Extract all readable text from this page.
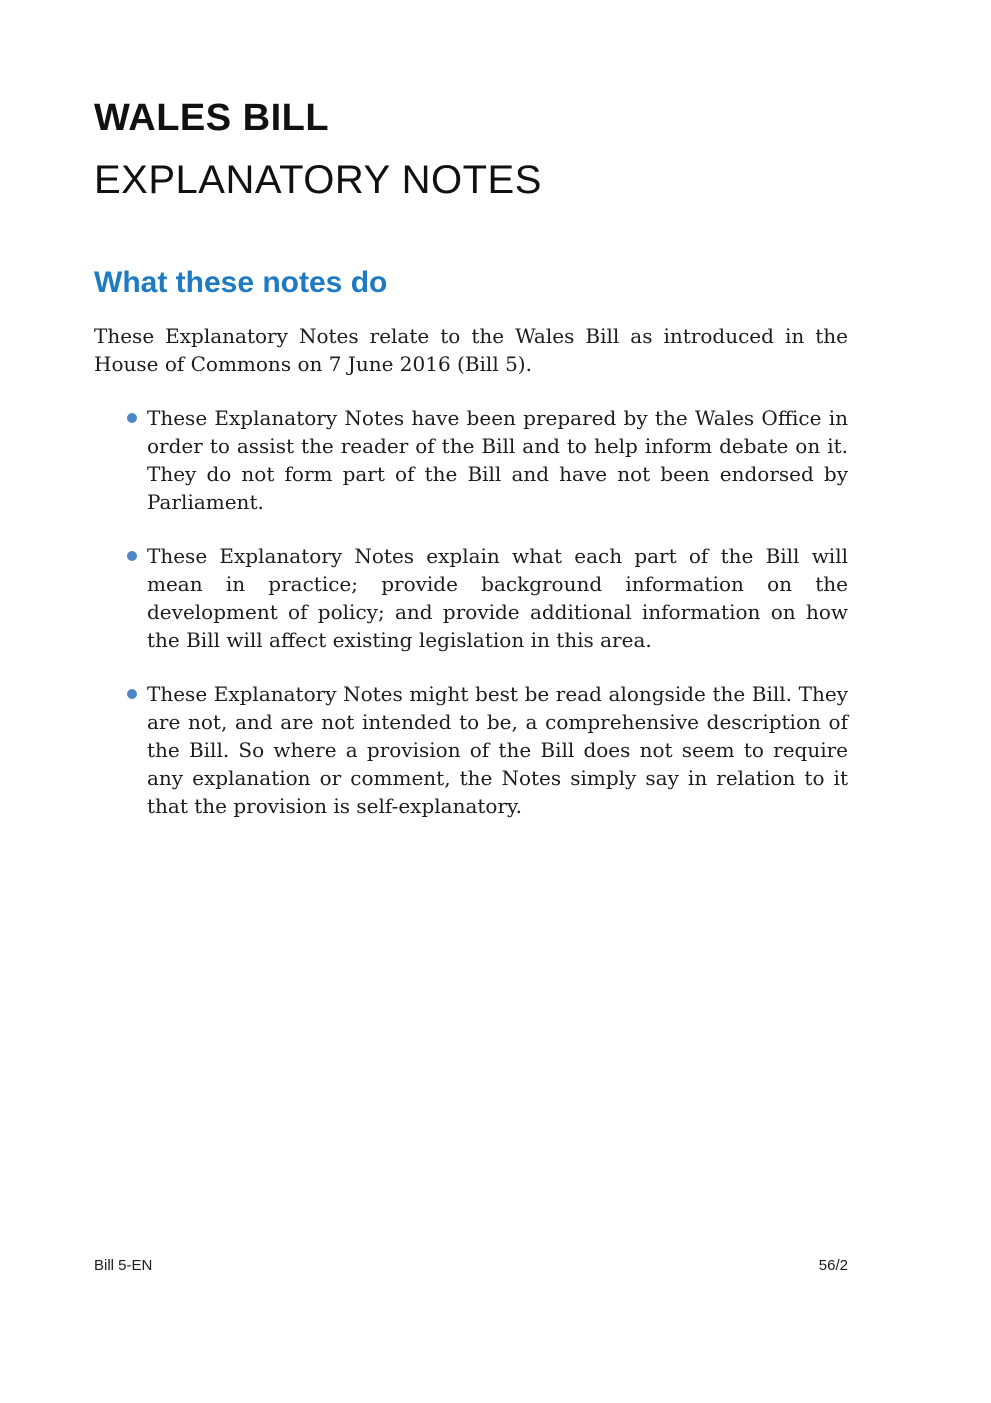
WALES BILL
EXPLANATORY NOTES
What these notes do

These Explanatory Notes relate to the Wales Bill as introduced in the House of Commons on 7 June 2016 (Bill 5).

These Explanatory Notes have been prepared by the Wales Office in order to assist the reader of the Bill and to help inform debate on it. They do not form part of the Bill and have not been endorsed by Parliament.
These Explanatory Notes explain what each part of the Bill will mean in practice; provide background information on the development of policy; and provide additional information on how the Bill will affect existing legislation in this area.
These Explanatory Notes might best be read alongside the Bill. They are not, and are not intended to be, a comprehensive description of the Bill. So where a provision of the Bill does not seem to require any explanation or comment, the Notes simply say in relation to it that the provision is self-explanatory.
Bill 5-EN	56/2
